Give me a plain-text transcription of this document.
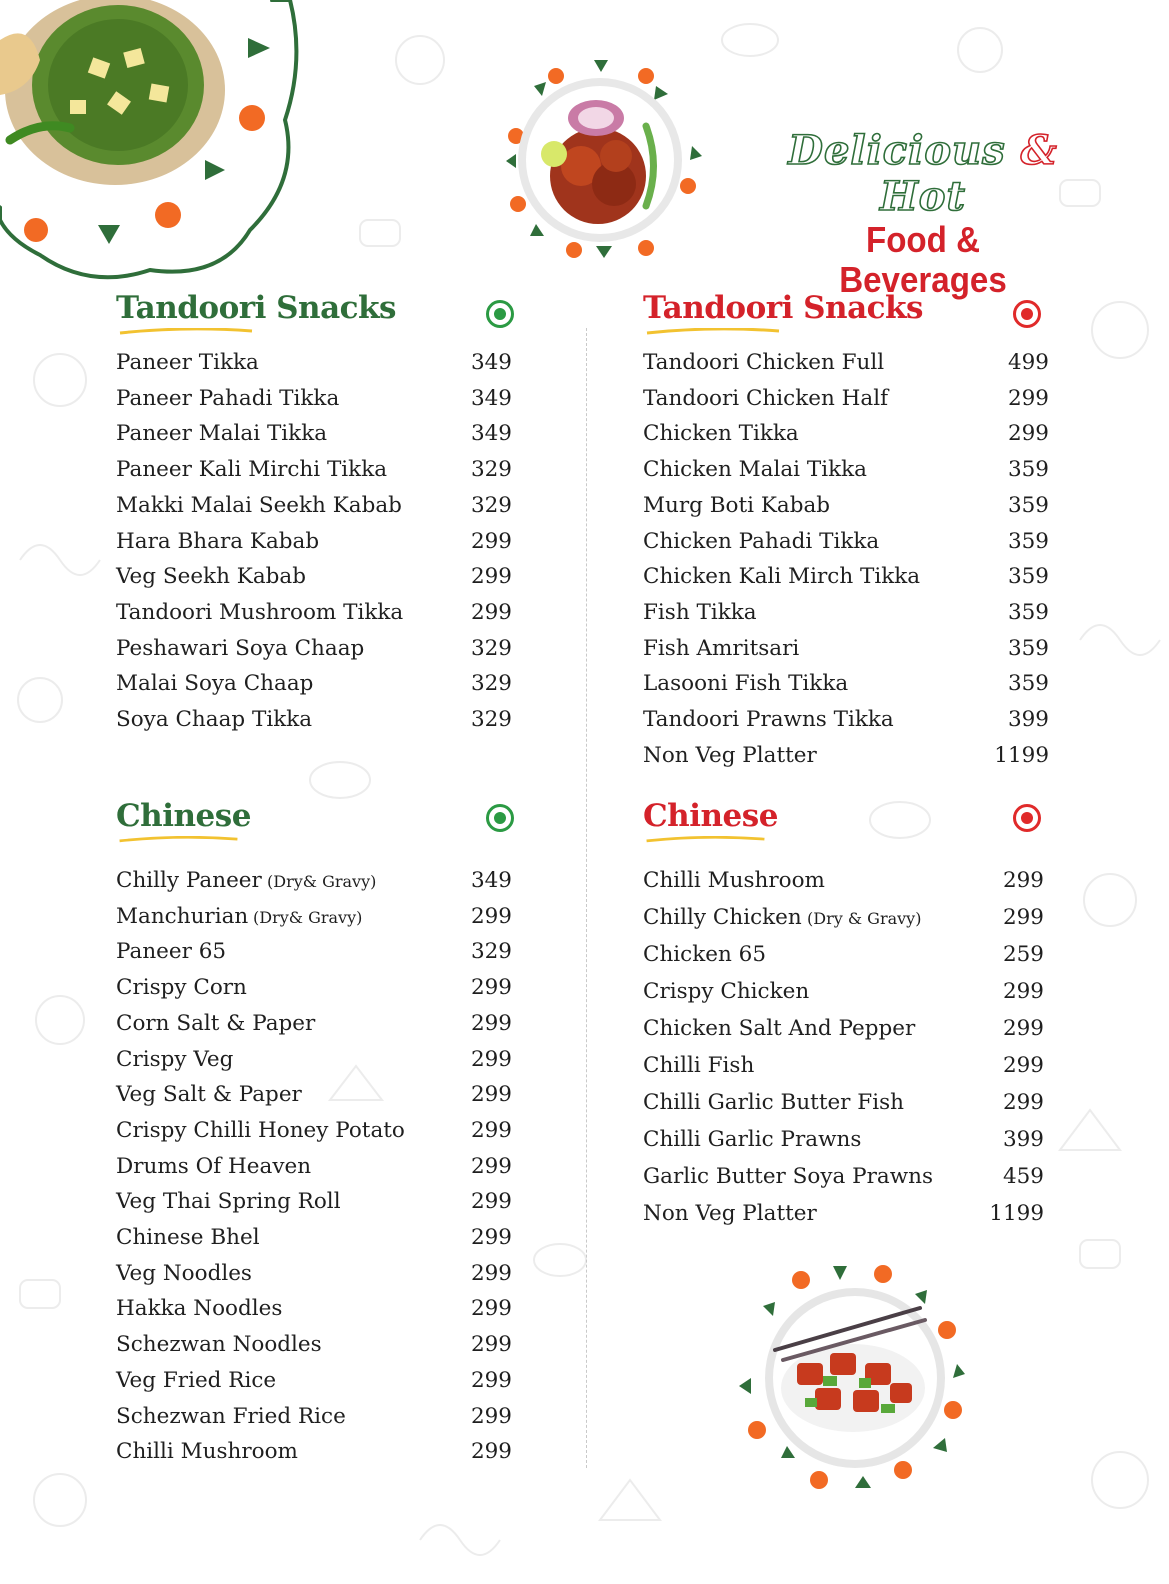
Delicious & Hot
Food & Beverages
Tandoori Snacks
Paneer Tikka	349
Paneer Pahadi Tikka	349
Paneer Malai Tikka	349
Paneer Kali Mirchi Tikka	329
Makki Malai Seekh Kabab	329
Hara Bhara Kabab	299
Veg Seekh Kabab	299
Tandoori Mushroom Tikka	299
Peshawari Soya Chaap	329
Malai Soya Chaap	329
Soya Chaap Tikka	329
Tandoori Snacks
Tandoori Chicken Full	499
Tandoori Chicken Half	299
Chicken Tikka	299
Chicken Malai Tikka	359
Murg Boti Kabab	359
Chicken Pahadi Tikka	359
Chicken Kali Mirch Tikka	359
Fish Tikka	359
Fish Amritsari	359
Lasooni Fish Tikka	359
Tandoori Prawns Tikka	399
Non Veg Platter	1199
Chinese
Chilly Paneer (Dry& Gravy)	349
Manchurian (Dry& Gravy)	299
Paneer 65	329
Crispy Corn	299
Corn Salt & Paper	299
Crispy Veg	299
Veg Salt & Paper	299
Crispy Chilli Honey Potato	299
Drums Of Heaven	299
Veg Thai Spring Roll	299
Chinese Bhel	299
Veg Noodles	299
Hakka Noodles	299
Schezwan Noodles	299
Veg Fried Rice	299
Schezwan Fried Rice	299
Chilli Mushroom	299
Chinese
Chilli Mushroom	299
Chilly Chicken (Dry & Gravy)	299
Chicken 65	259
Crispy Chicken	299
Chicken Salt And Pepper	299
Chilli Fish	299
Chilli Garlic Butter Fish	299
Chilli Garlic Prawns	399
Garlic Butter Soya Prawns	459
Non Veg Platter	1199
